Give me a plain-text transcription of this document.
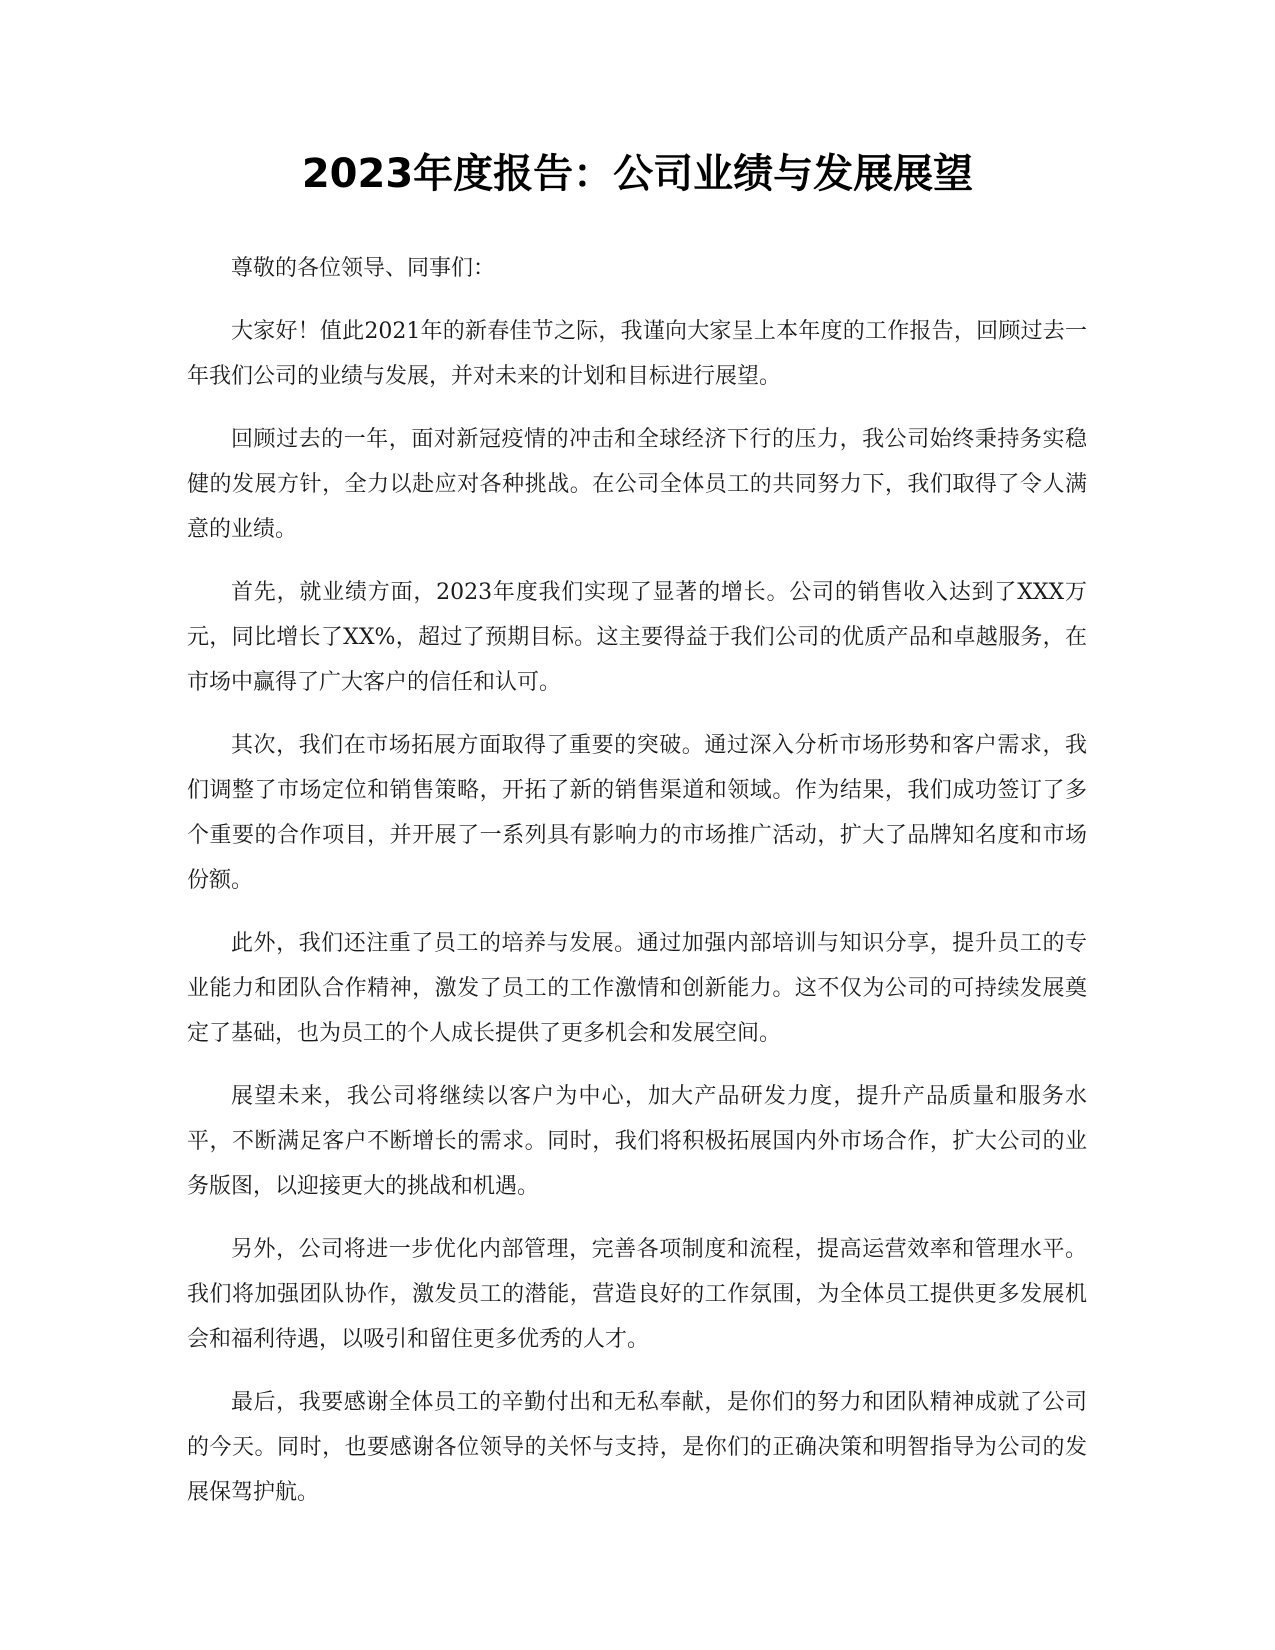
2023年度报告：公司业绩与发展展望

尊敬的各位领导、同事们：

大家好！值此2021年的新春佳节之际，我谨向大家呈上本年度的工作报告，回顾过去一年我们公司的业绩与发展，并对未来的计划和目标进行展望。

回顾过去的一年，面对新冠疫情的冲击和全球经济下行的压力，我公司始终秉持务实稳健的发展方针，全力以赴应对各种挑战。在公司全体员工的共同努力下，我们取得了令人满意的业绩。

首先，就业绩方面，2023年度我们实现了显著的增长。公司的销售收入达到了XXX万元，同比增长了XX%，超过了预期目标。这主要得益于我们公司的优质产品和卓越服务，在市场中赢得了广大客户的信任和认可。

其次，我们在市场拓展方面取得了重要的突破。通过深入分析市场形势和客户需求，我们调整了市场定位和销售策略，开拓了新的销售渠道和领域。作为结果，我们成功签订了多个重要的合作项目，并开展了一系列具有影响力的市场推广活动，扩大了品牌知名度和市场份额。

此外，我们还注重了员工的培养与发展。通过加强内部培训与知识分享，提升员工的专业能力和团队合作精神，激发了员工的工作激情和创新能力。这不仅为公司的可持续发展奠定了基础，也为员工的个人成长提供了更多机会和发展空间。

展望未来，我公司将继续以客户为中心，加大产品研发力度，提升产品质量和服务水平，不断满足客户不断增长的需求。同时，我们将积极拓展国内外市场合作，扩大公司的业务版图，以迎接更大的挑战和机遇。

另外，公司将进一步优化内部管理，完善各项制度和流程，提高运营效率和管理水平。我们将加强团队协作，激发员工的潜能，营造良好的工作氛围，为全体员工提供更多发展机会和福利待遇，以吸引和留住更多优秀的人才。

最后，我要感谢全体员工的辛勤付出和无私奉献，是你们的努力和团队精神成就了公司的今天。同时，也要感谢各位领导的关怀与支持，是你们的正确决策和明智指导为公司的发展保驾护航。
